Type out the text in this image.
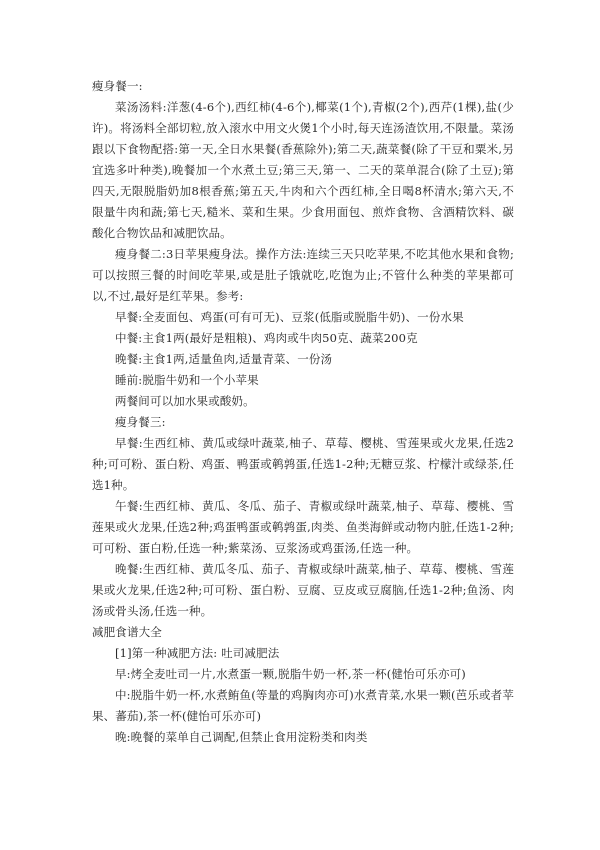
瘦身餐一:

菜汤汤料:洋葱(4-6个),西红柿(4-6个),椰菜(1个),青椒(2个),西芹(1棵),盐(少许)。将汤料全部切粒,放入滚水中用文火煲1个小时,每天连汤渣饮用,不限量。菜汤跟以下食物配搭:第一天,全日水果餐(香蕉除外);第二天,蔬菜餐(除了干豆和粟米,另宜选多叶种类),晚餐加一个水煮土豆;第三天,第一、二天的菜单混合(除了土豆);第四天,无限脱脂奶加8根香蕉;第五天,牛肉和六个西红柿,全日喝8杯清水;第六天,不限量牛肉和蔬;第七天,糙米、菜和生果。少食用面包、煎炸食物、含酒精饮料、碳酸化合物饮品和减肥饮品。

瘦身餐二:3日苹果瘦身法。操作方法:连续三天只吃苹果,不吃其他水果和食物;可以按照三餐的时间吃苹果,或是肚子饿就吃,吃饱为止;不管什么种类的苹果都可以,不过,最好是红苹果。参考:

早餐:全麦面包、鸡蛋(可有可无)、豆浆(低脂或脱脂牛奶)、一份水果

中餐:主食1两(最好是粗粮)、鸡肉或牛肉50克、蔬菜200克

晚餐:主食1两,适量鱼肉,适量青菜、一份汤

睡前:脱脂牛奶和一个小苹果

两餐间可以加水果或酸奶。

瘦身餐三:

早餐:生西红柿、黄瓜或绿叶蔬菜,柚子、草莓、樱桃、雪莲果或火龙果,任选2种;可可粉、蛋白粉、鸡蛋、鸭蛋或鹌鹑蛋,任选1-2种;无糖豆浆、柠檬汁或绿茶,任选1种。

午餐:生西红柿、黄瓜、冬瓜、茄子、青椒或绿叶蔬菜,柚子、草莓、樱桃、雪莲果或火龙果,任选2种;鸡蛋鸭蛋或鹌鹑蛋,肉类、鱼类海鲜或动物内脏,任选1-2种;可可粉、蛋白粉,任选一种;紫菜汤、豆浆汤或鸡蛋汤,任选一种。

晚餐:生西红柿、黄瓜冬瓜、茄子、青椒或绿叶蔬菜,柚子、草莓、樱桃、雪莲果或火龙果,任选2种;可可粉、蛋白粉、豆腐、豆皮或豆腐脑,任选1-2种;鱼汤、肉汤或骨头汤,任选一种。

减肥食谱大全

[1]第一种减肥方法: 吐司减肥法

早:烤全麦吐司一片,水煮蛋一颗,脱脂牛奶一杯,茶一杯(健怡可乐亦可)

中:脱脂牛奶一杯,水煮鲔鱼(等量的鸡胸肉亦可)水煮青菜,水果一颗(芭乐或者苹果、蕃茄),茶一杯(健怡可乐亦可)

晚:晚餐的菜单自己调配,但禁止食用淀粉类和肉类
